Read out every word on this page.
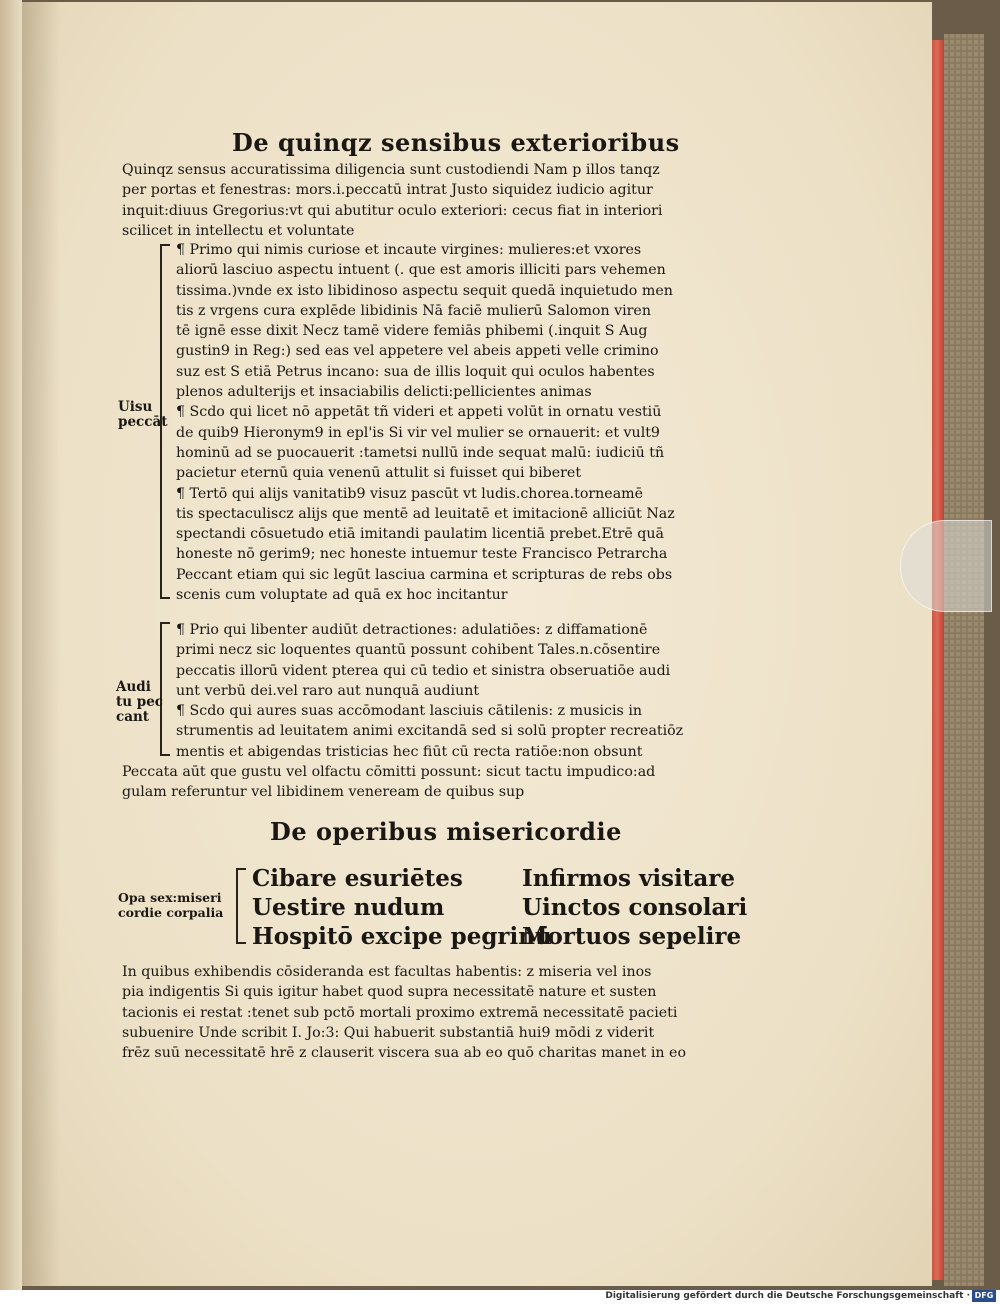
De quinqz sensibus exterioribus
Quinqz sensus accuratissima diligencia sunt custodiendi Nam p illos tanqz
per portas et fenestras: mors.i.peccatū intrat Justo siquidez iudicio agitur
inquit:diuus Gregorius:vt qui abutitur oculo exteriori: cecus fiat in interiori
scilicet in intellectu et voluntate
Uisu
peccāt
¶ Primo qui nimis curiose et incaute virgines: mulieres:et vxores
aliorū lasciuo aspectu intuent (. que est amoris illiciti pars vehemen
tissima.)vnde ex isto libidinoso aspectu sequit quedā inquietudo men
tis z vrgens cura explēde libidinis Nā faciē mulierū Salomon viren
tē ignē esse dixit Necz tamē videre femiās phibemi (.inquit S Aug
gustin9 in Reg:) sed eas vel appetere vel abeis appeti velle crimino
suz est S etiā Petrus incano: sua de illis loquit qui oculos habentes
plenos adulterijs et insaciabilis delicti:pellicientes animas
¶ Scdo qui licet nō appetāt tñ videri et appeti volūt in ornatu vestiū
de quib9 Hieronym9 in epl'is Si vir vel mulier se ornauerit: et vult9
hominū ad se puocauerit :tametsi nullū inde sequat malū: iudiciū tñ
pacietur eternū quia venenū attulit si fuisset qui biberet
¶ Tertō qui alijs vanitatib9 visuz pascūt vt ludis.chorea.torneamē
tis spectaculiscz alijs que mentē ad leuitatē et imitacionē alliciūt Naz
spectandi cōsuetudo etiā imitandi paulatim licentiā prebet.Etrē quā
honeste nō gerim9; nec honeste intuemur teste Francisco Petrarcha
Peccant etiam qui sic legūt lasciua carmina et scripturas de rebs obs
scenis cum voluptate ad quā ex hoc incitantur
Audi
tu pec
cant
¶ Prio qui libenter audiūt detractiones: adulatiōes: z diffamationē
primi necz sic loquentes quantū possunt cohibent Tales.n.cōsentire
peccatis illorū vident pterea qui cū tedio et sinistra obseruatiōe audi
unt verbū dei.vel raro aut nunquā audiunt
¶ Scdo qui aures suas accōmodant lasciuis cātilenis: z musicis in
strumentis ad leuitatem animi excitandā sed si solū propter recreatiōz
mentis et abigendas tristicias hec fiūt cū recta ratiōe:non obsunt
Peccata aūt que gustu vel olfactu cōmitti possunt: sicut tactu impudico:ad
gulam referuntur vel libidinem veneream de quibus sup
De operibus misericordie
Opa sex:miseri
cordie corpalia
Cibare esuriētes
Uestire nudum
Hospitō excipe pegrinū
Infirmos visitare
Uinctos consolari
Mortuos sepelire
In quibus exhibendis cōsideranda est facultas habentis: z miseria vel inos
pia indigentis Si quis igitur habet quod supra necessitatē nature et susten
tacionis ei restat :tenet sub pctō mortali proximo extremā necessitatē pacieti
subuenire Unde scribit I. Jo:3: Qui habuerit substantiā hui9 mōdi z viderit
frēz suū necessitatē hrē z clauserit viscera sua ab eo quō charitas manet in eo
Digitalisierung gefördert durch die Deutsche Forschungsgemeinschaft · DFG
